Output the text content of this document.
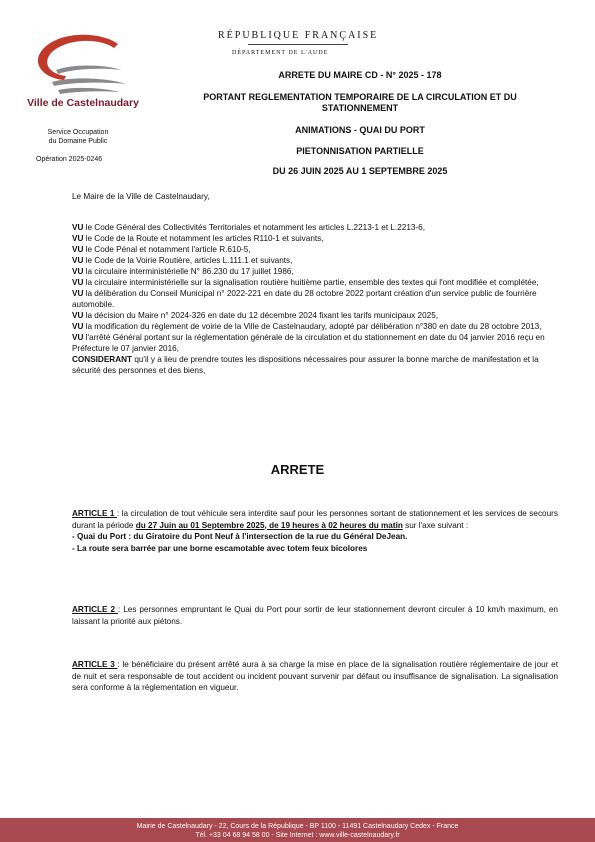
Ville de Castelnaudary
Service Occupation
du Domaine Public
Opération 2025-0246
RÉPUBLIQUE FRANÇAISE
DÉPARTEMENT DE L'AUDE
ARRETE DU MAIRE CD - N° 2025 - 178
PORTANT REGLEMENTATION TEMPORAIRE DE LA CIRCULATION ET DU
STATIONNEMENT
ANIMATIONS - QUAI DU PORT
PIETONNISATION PARTIELLE
DU 26 JUIN 2025 AU 1 SEPTEMBRE 2025
Le Maire de la Ville de Castelnaudary,

VU le Code Général des Collectivités Territoriales et notamment les articles L.2213-1 et L.2213-6,

VU le Code de la Route et notamment les articles R110-1 et suivants,

VU le Code Pénal et notamment l'article R.610-5,

VU le Code de la Voirie Routière, articles L.111.1 et suivants,

VU la circulaire interministérielle N° 86.230 du 17 juillet 1986,

VU la circulaire interministérielle sur la signalisation routière huitième partie, ensemble des textes qui l'ont modifiée et complétée,

VU la délibération du Conseil Municipal n° 2022-221 en date du 28 octobre 2022 portant création d'un service public de fourrière automobile.

VU la décision du Maire n° 2024-326 en date du 12 décembre 2024 fixant les tarifs municipaux 2025,

VU la modification du règlement de voirie de la Ville de Castelnaudary, adopté par délibération n°380 en date du 28 octobre 2013,

VU l'arrêté Général portant sur la réglementation générale de la circulation et du stationnement en date du 04 janvier 2016 reçu en Préfecture le 07 janvier 2016,

CONSIDERANT qu'il y a lieu de prendre toutes les dispositions nécessaires pour assurer la bonne marche de manifestation et la sécurité des personnes et des biens,

ARRETE
ARTICLE 1 : la circulation de tout véhicule sera interdite sauf pour les personnes sortant de stationnement et les services de secours durant la période du 27 Juin au 01 Septembre 2025, de 19 heures à 02 heures du matin sur l'axe suivant :
- Quai du Port : du Giratoire du Pont Neuf à l'intersection de la rue du Général DeJean.
- La route sera barrée par une borne escamotable avec totem feux bicolores
ARTICLE 2 : Les personnes empruntant le Quai du Port pour sortir de leur stationnement devront circuler à 10 km/h maximum, en laissant la priorité aux piétons.
ARTICLE 3 : le bénéficiaire du présent arrêté aura à sa charge la mise en place de la signalisation routière réglementaire de jour et de nuit et sera responsable de tout accident ou incident pouvant survenir par défaut ou insuffisance de signalisation. La signalisation sera conforme à la réglementation en vigueur.
Mairie de Castelnaudary - 22, Cours de la République - BP 1100 - 11491 Castelnaudary Cedex - France
Tél. +33 04 68 94 58 00 - Site Internet : www.ville-castelnaudary.fr
